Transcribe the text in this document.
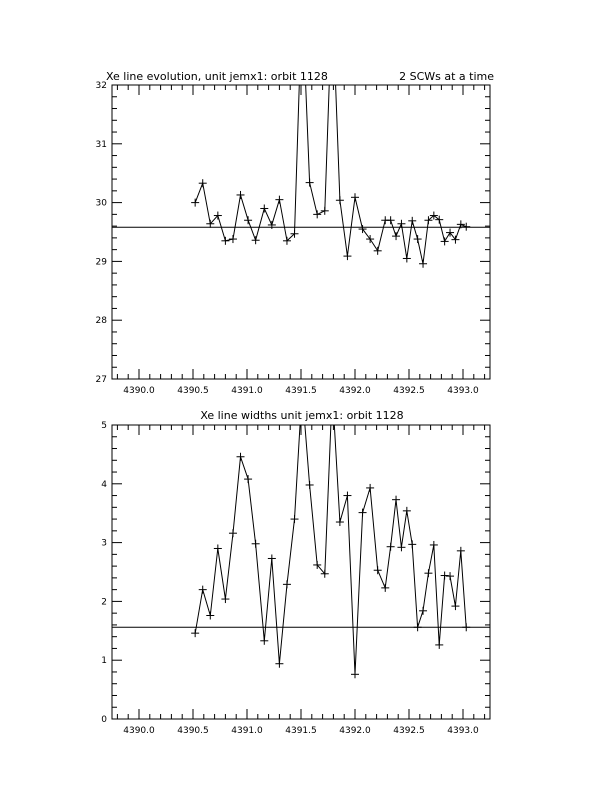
Xe line evolution, unit jemx1: orbit 1128	2 SCWs at a time
4390.0	4390.5	4391.0	4391.5	4392.0	4392.5	4393.0
27
28
29
30
31
32
Xe line widths unit jemx1: orbit 1128
4390.0	4390.5	4391.0	4391.5	4392.0	4392.5	4393.0
0
1
2
3
4
5
